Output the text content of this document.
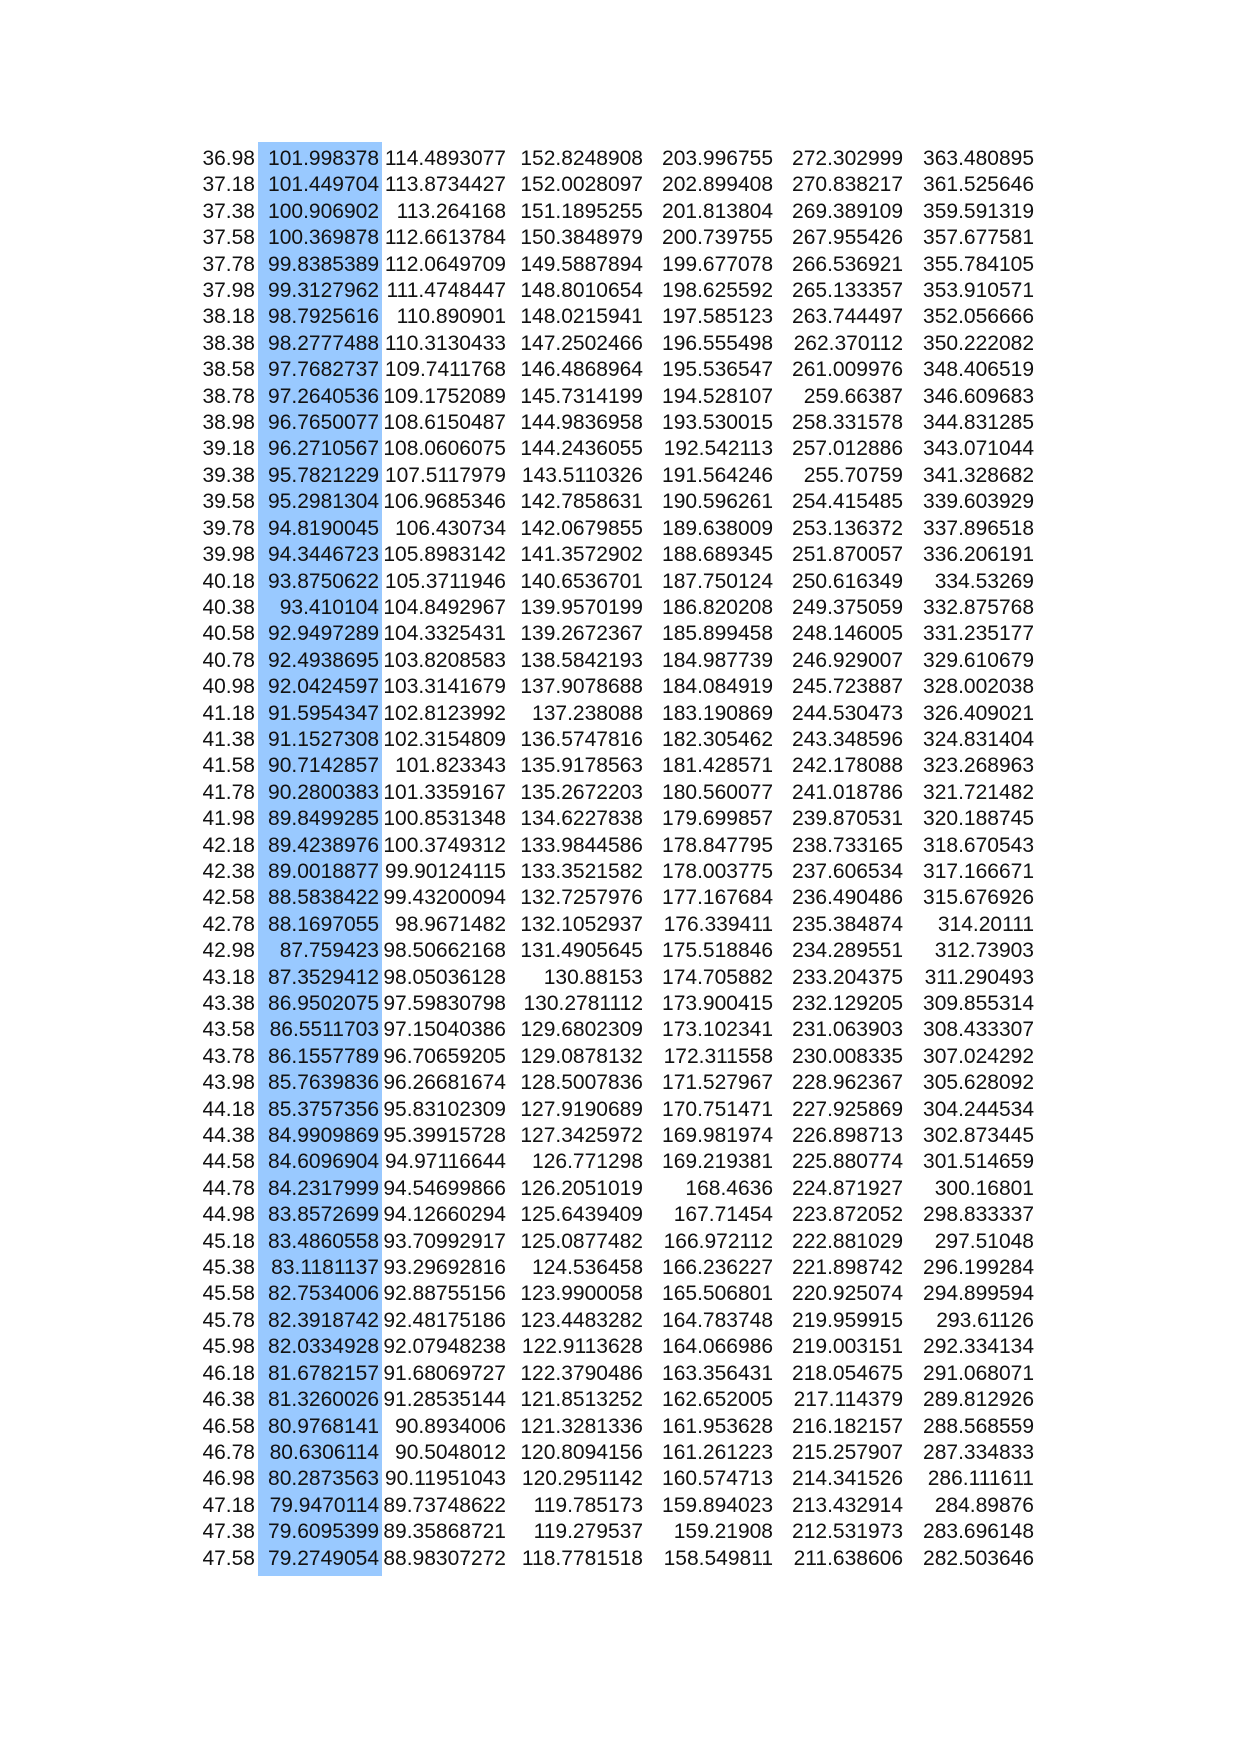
36.98	101.998378	114.4893077	152.8248908	203.996755	272.302999	363.480895
37.18	101.449704	113.8734427	152.0028097	202.899408	270.838217	361.525646
37.38	100.906902	113.264168	151.1895255	201.813804	269.389109	359.591319
37.58	100.369878	112.6613784	150.3848979	200.739755	267.955426	357.677581
37.78	99.8385389	112.0649709	149.5887894	199.677078	266.536921	355.784105
37.98	99.3127962	111.4748447	148.8010654	198.625592	265.133357	353.910571
38.18	98.7925616	110.890901	148.0215941	197.585123	263.744497	352.056666
38.38	98.2777488	110.3130433	147.2502466	196.555498	262.370112	350.222082
38.58	97.7682737	109.7411768	146.4868964	195.536547	261.009976	348.406519
38.78	97.2640536	109.1752089	145.7314199	194.528107	259.66387	346.609683
38.98	96.7650077	108.6150487	144.9836958	193.530015	258.331578	344.831285
39.18	96.2710567	108.0606075	144.2436055	192.542113	257.012886	343.071044
39.38	95.7821229	107.5117979	143.5110326	191.564246	255.70759	341.328682
39.58	95.2981304	106.9685346	142.7858631	190.596261	254.415485	339.603929
39.78	94.8190045	106.430734	142.0679855	189.638009	253.136372	337.896518
39.98	94.3446723	105.8983142	141.3572902	188.689345	251.870057	336.206191
40.18	93.8750622	105.3711946	140.6536701	187.750124	250.616349	334.53269
40.38	93.410104	104.8492967	139.9570199	186.820208	249.375059	332.875768
40.58	92.9497289	104.3325431	139.2672367	185.899458	248.146005	331.235177
40.78	92.4938695	103.8208583	138.5842193	184.987739	246.929007	329.610679
40.98	92.0424597	103.3141679	137.9078688	184.084919	245.723887	328.002038
41.18	91.5954347	102.8123992	137.238088	183.190869	244.530473	326.409021
41.38	91.1527308	102.3154809	136.5747816	182.305462	243.348596	324.831404
41.58	90.7142857	101.823343	135.9178563	181.428571	242.178088	323.268963
41.78	90.2800383	101.3359167	135.2672203	180.560077	241.018786	321.721482
41.98	89.8499285	100.8531348	134.6227838	179.699857	239.870531	320.188745
42.18	89.4238976	100.3749312	133.9844586	178.847795	238.733165	318.670543
42.38	89.0018877	99.90124115	133.3521582	178.003775	237.606534	317.166671
42.58	88.5838422	99.43200094	132.7257976	177.167684	236.490486	315.676926
42.78	88.1697055	98.9671482	132.1052937	176.339411	235.384874	314.20111
42.98	87.759423	98.50662168	131.4905645	175.518846	234.289551	312.73903
43.18	87.3529412	98.05036128	130.88153	174.705882	233.204375	311.290493
43.38	86.9502075	97.59830798	130.2781112	173.900415	232.129205	309.855314
43.58	86.5511703	97.15040386	129.6802309	173.102341	231.063903	308.433307
43.78	86.1557789	96.70659205	129.0878132	172.311558	230.008335	307.024292
43.98	85.7639836	96.26681674	128.5007836	171.527967	228.962367	305.628092
44.18	85.3757356	95.83102309	127.9190689	170.751471	227.925869	304.244534
44.38	84.9909869	95.39915728	127.3425972	169.981974	226.898713	302.873445
44.58	84.6096904	94.97116644	126.771298	169.219381	225.880774	301.514659
44.78	84.2317999	94.54699866	126.2051019	168.4636	224.871927	300.16801
44.98	83.8572699	94.12660294	125.6439409	167.71454	223.872052	298.833337
45.18	83.4860558	93.70992917	125.0877482	166.972112	222.881029	297.51048
45.38	83.1181137	93.29692816	124.536458	166.236227	221.898742	296.199284
45.58	82.7534006	92.88755156	123.9900058	165.506801	220.925074	294.899594
45.78	82.3918742	92.48175186	123.4483282	164.783748	219.959915	293.61126
45.98	82.0334928	92.07948238	122.9113628	164.066986	219.003151	292.334134
46.18	81.6782157	91.68069727	122.3790486	163.356431	218.054675	291.068071
46.38	81.3260026	91.28535144	121.8513252	162.652005	217.114379	289.812926
46.58	80.9768141	90.8934006	121.3281336	161.953628	216.182157	288.568559
46.78	80.6306114	90.5048012	120.8094156	161.261223	215.257907	287.334833
46.98	80.2873563	90.11951043	120.2951142	160.574713	214.341526	286.111611
47.18	79.9470114	89.73748622	119.785173	159.894023	213.432914	284.89876
47.38	79.6095399	89.35868721	119.279537	159.21908	212.531973	283.696148
47.58	79.2749054	88.98307272	118.7781518	158.549811	211.638606	282.503646
